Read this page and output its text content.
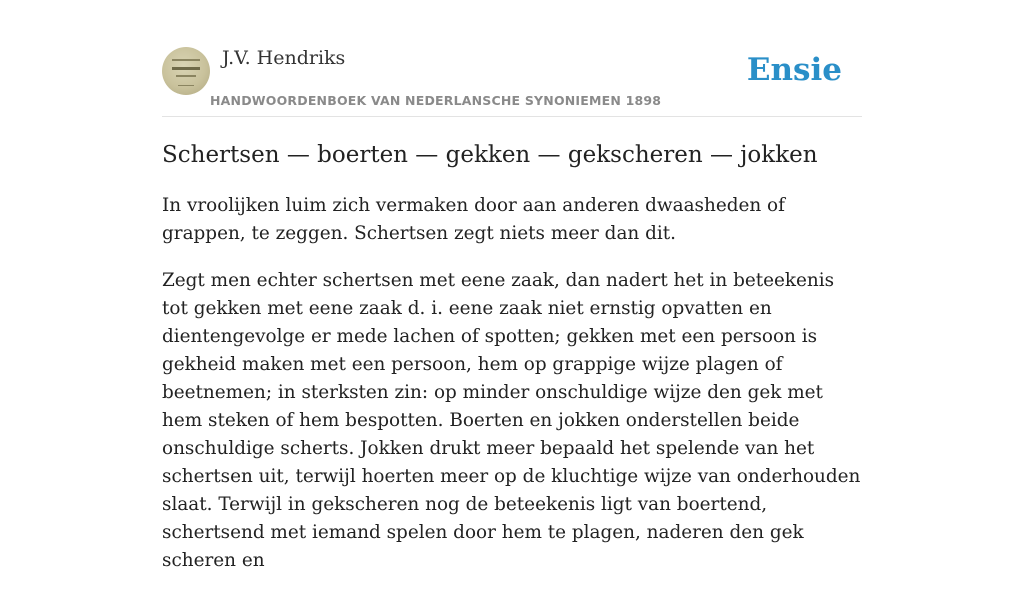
J.V. Hendriks
HANDWOORDENBOEK VAN NEDERLANSCHE SYNONIEMEN 1898
Ensie
Schertsen — boerten — gekken — gekscheren — jokken

In vroolijken luim zich vermaken door aan anderen dwaasheden of grappen, te zeggen. Schertsen zegt niets meer dan dit.

Zegt men echter schertsen met eene zaak, dan nadert het in beteekenis tot gekken met eene zaak d. i. eene zaak niet ernstig opvatten en dientengevolge er mede lachen of spotten; gekken met een persoon is gekheid maken met een persoon, hem op grappige wijze plagen of beetnemen; in sterksten zin: op minder onschuldige wijze den gek met hem steken of hem bespotten. Boerten en jokken onderstellen beide onschuldige scherts. Jokken drukt meer bepaald het spelende van het schertsen uit, terwijl hoerten meer op de kluchtige wijze van onderhouden slaat. Terwijl in gekscheren nog de beteekenis ligt van boertend, schertsend met iemand spelen door hem te plagen, naderen den gek scheren en
